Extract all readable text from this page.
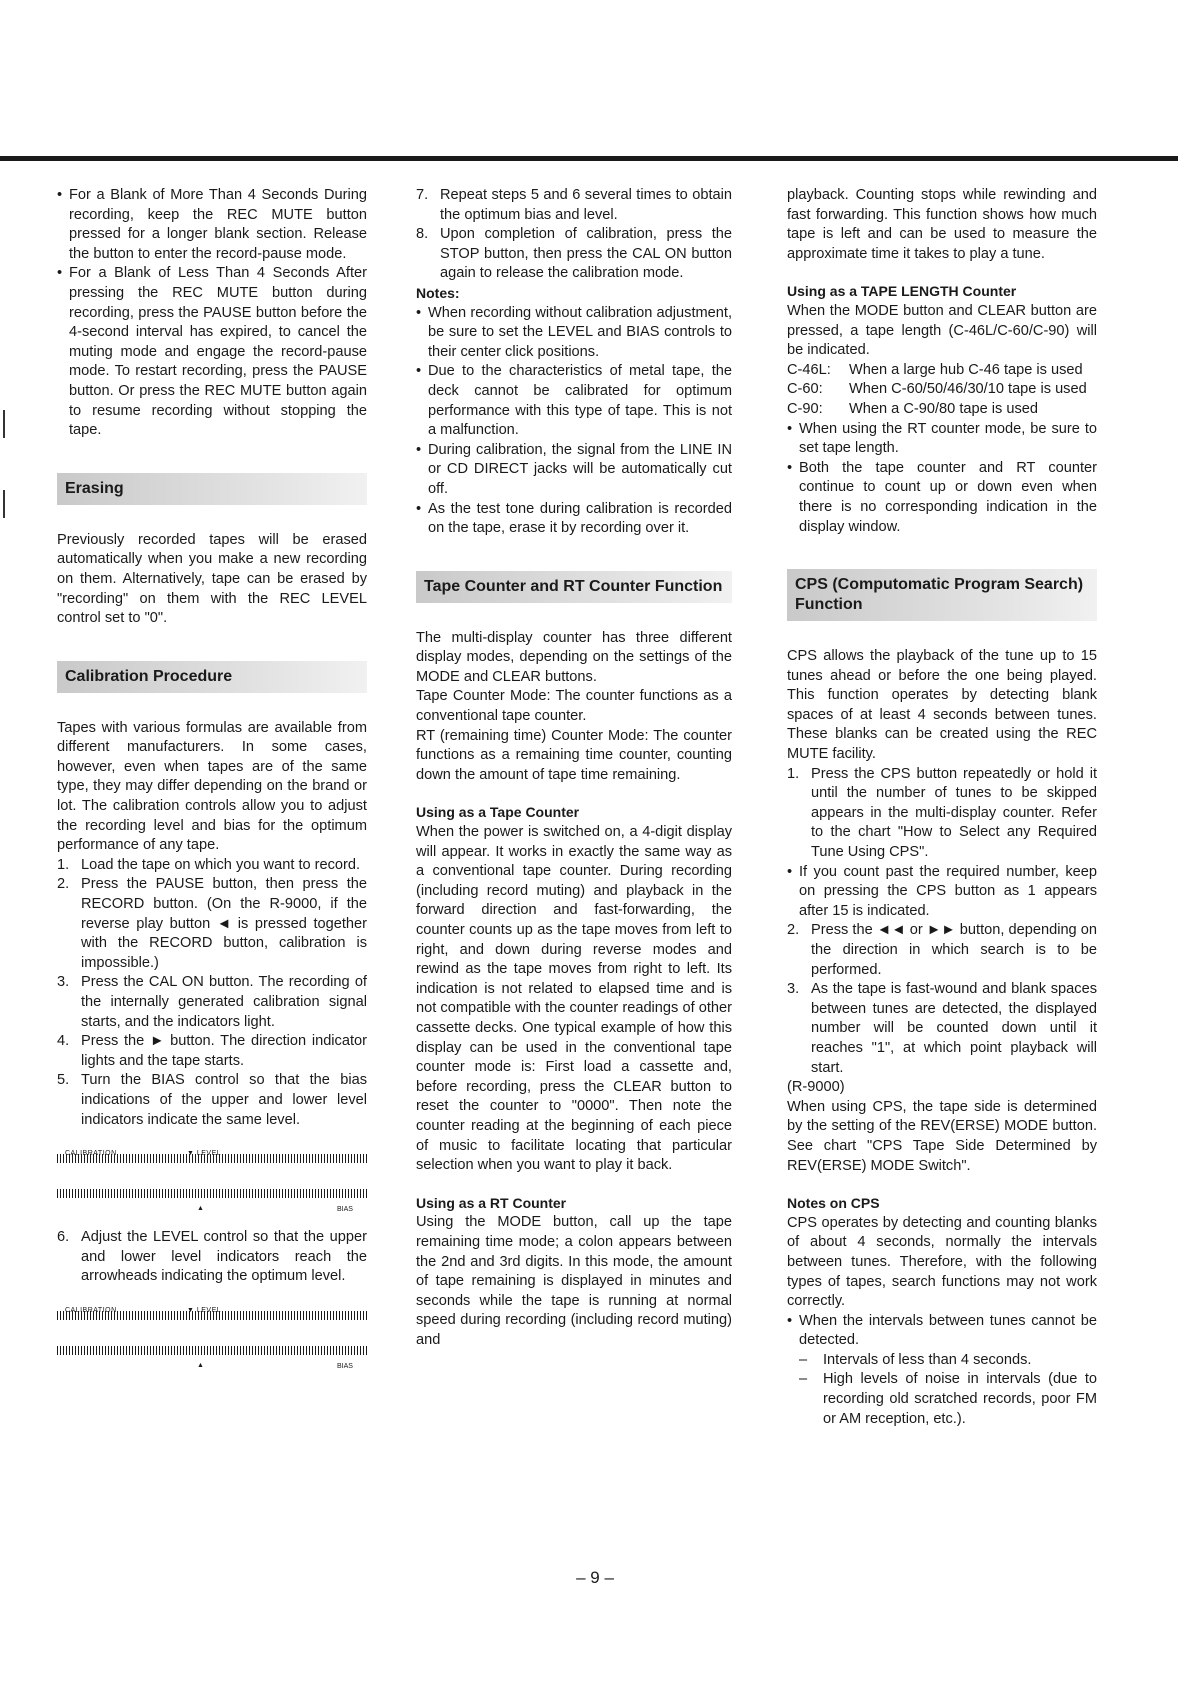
• For a Blank of More Than 4 Seconds During recording, keep the REC MUTE button pressed for a longer blank section. Release the button to enter the record-pause mode.
• For a Blank of Less Than 4 Seconds After pressing the REC MUTE button during recording, press the PAUSE button before the 4-second interval has expired, to cancel the muting mode and engage the record-pause mode. To restart recording, press the PAUSE button. Or press the REC MUTE button again to resume recording without stopping the tape.
Erasing

Previously recorded tapes will be erased automatically when you make a new recording on them. Alternatively, tape can be erased by "recording" on them with the REC LEVEL control set to "0".

Calibration Procedure

Tapes with various formulas are available from different manufacturers. In some cases, however, even when tapes are of the same type, they may differ depending on the brand or lot. The calibration controls allow you to adjust the recording level and bias for the optimum performance of any tape.

1. Load the tape on which you want to record.
2. Press the PAUSE button, then press the RECORD button. (On the R-9000, if the reverse play button ◄ is pressed together with the RECORD button, calibration is impossible.)
3. Press the CAL ON button. The recording of the internally generated calibration signal starts, and the indicators light.
4. Press the ► button. The direction indicator lights and the tape starts.
5. Turn the BIAS control so that the bias indications of the upper and lower level indicators indicate the same level.
CALIBRATION	▼ LEVEL
▲	BIAS
6. Adjust the LEVEL control so that the upper and lower level indicators reach the arrowheads indicating the optimum level.
CALIBRATION	▼ LEVEL
▲	BIAS
7. Repeat steps 5 and 6 several times to obtain the optimum bias and level.
8. Upon completion of calibration, press the STOP button, then press the CAL ON button again to release the calibration mode.

Notes:

• When recording without calibration adjustment, be sure to set the LEVEL and BIAS controls to their center click positions.
• Due to the characteristics of metal tape, the deck cannot be calibrated for optimum performance with this type of tape. This is not a malfunction.
• During calibration, the signal from the LINE IN or CD DIRECT jacks will be automatically cut off.
• As the test tone during calibration is recorded on the tape, erase it by recording over it.
Tape Counter and RT Counter Function

The multi-display counter has three different display modes, depending on the settings of the MODE and CLEAR buttons.

Tape Counter Mode: The counter functions as a conventional tape counter.

RT (remaining time) Counter Mode: The counter functions as a remaining time counter, counting down the amount of tape time remaining.

Using as a Tape Counter

When the power is switched on, a 4-digit display will appear. It works in exactly the same way as a conventional tape counter. During recording (including record muting) and playback in the forward direction and fast-forwarding, the counter counts up as the tape moves from left to right, and down during reverse modes and rewind as the tape moves from right to left. Its indication is not related to elapsed time and is not compatible with the counter readings of other cassette decks. One typical example of how this display can be used in the conventional tape counter mode is: First load a cassette and, before recording, press the CLEAR button to reset the counter to "0000". Then note the counter reading at the beginning of each piece of music to facilitate locating that particular selection when you want to play it back.

Using as a RT Counter

Using the MODE button, call up the tape remaining time mode; a colon appears between the 2nd and 3rd digits. In this mode, the amount of tape remaining is displayed in minutes and seconds while the tape is running at normal speed during recording (including record muting) and

playback. Counting stops while rewinding and fast forwarding. This function shows how much tape is left and can be used to measure the approximate time it takes to play a tune.

Using as a TAPE LENGTH Counter

When the MODE button and CLEAR button are pressed, a tape length (C-46L/C-60/C-90) will be indicated.

C-46L:	When a large hub C-46 tape is used
C-60:	When C-60/50/46/30/10 tape is used
C-90:	When a C-90/80 tape is used
• When using the RT counter mode, be sure to set tape length.
• Both the tape counter and RT counter continue to count up or down even when there is no corresponding indication in the display window.
CPS (Computomatic Program Search) Function

CPS allows the playback of the tune up to 15 tunes ahead or before the one being played. This function operates by detecting blank spaces of at least 4 seconds between tunes. These blanks can be created using the REC MUTE facility.

1. Press the CPS button repeatedly or hold it until the number of tunes to be skipped appears in the multi-display counter. Refer to the chart "How to Select any Required Tune Using CPS".
• If you count past the required number, keep on pressing the CPS button as 1 appears after 15 is indicated.
2. Press the ◄◄ or ►► button, depending on the direction in which search is to be performed.
3. As the tape is fast-wound and blank spaces between tunes are detected, the displayed number will be counted down until it reaches "1", at which point playback will start.

(R-9000)

When using CPS, the tape side is determined by the setting of the REV(ERSE) MODE button. See chart "CPS Tape Side Determined by REV(ERSE) MODE Switch".

Notes on CPS

CPS operates by detecting and counting blanks of about 4 seconds, normally the intervals between tunes. Therefore, with the following types of tapes, search functions may not work correctly.

• When the intervals between tunes cannot be detected.
– Intervals of less than 4 seconds.
– High levels of noise in intervals (due to recording old scratched records, poor FM or AM reception, etc.).
– 9 –
